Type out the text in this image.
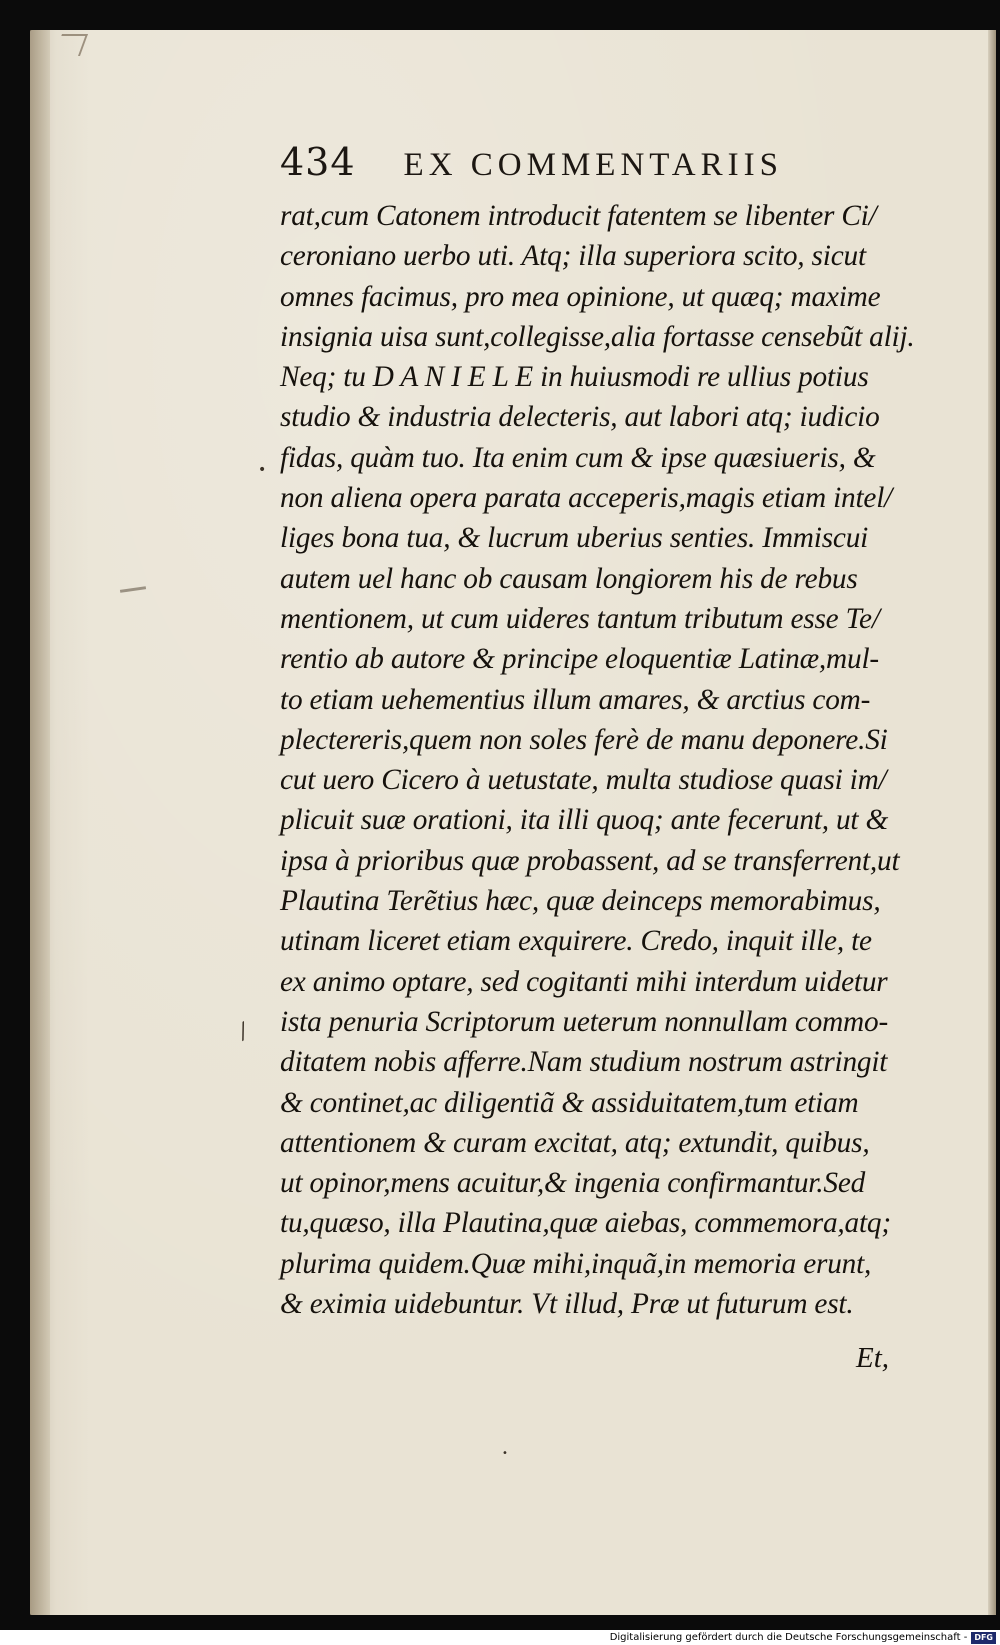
434 EX COMMENTARIIS
rat,cum Catonem introducit fatentem se libenter Ci/
ceroniano uerbo uti. Atq; illa superiora scito, sicut
omnes facimus, pro mea opinione, ut quæq; maxime
insignia uisa sunt,collegisse,alia fortasse censebũt alij.
Neq; tu D A N I E L E in huiusmodi re ullius potius
studio & industria delecteris, aut labori atq; iudicio
fidas, quàm tuo. Ita enim cum & ipse quæsiueris, &
non aliena opera parata acceperis,magis etiam intel/
liges bona tua, & lucrum uberius senties. Immiscui
autem uel hanc ob causam longiorem his de rebus
mentionem, ut cum uideres tantum tributum esse Te/
rentio ab autore & principe eloquentiæ Latinæ,mul-
to etiam uehementius illum amares, & arctius com-
plectereris,quem non soles ferè de manu deponere.Si
cut uero Cicero à uetustate, multa studiose quasi im/
plicuit suæ orationi, ita illi quoq; ante fecerunt, ut &
ipsa à prioribus quæ probassent, ad se transferrent,ut
Plautina Terẽtius hæc, quæ deinceps memorabimus,
utinam liceret etiam exquirere. Credo, inquit ille, te
ex animo optare, sed cogitanti mihi interdum uidetur
ista penuria Scriptorum ueterum nonnullam commo-
ditatem nobis afferre.Nam studium nostrum astringit
& continet,ac diligentiã & assiduitatem,tum etiam
attentionem & curam excitat, atq; extundit, quibus,
ut opinor,mens acuitur,& ingenia confirmantur.Sed
tu,quæso, illa Plautina,quæ aiebas, commemora,atq;
plurima quidem.Quæ mihi,inquã,in memoria erunt,
& eximia uidebuntur. Vt illud, Præ ut futurum est.
Et,
•
⁄
•
Digitalisierung gefördert durch die Deutsche Forschungsgemeinschaft - DFG
